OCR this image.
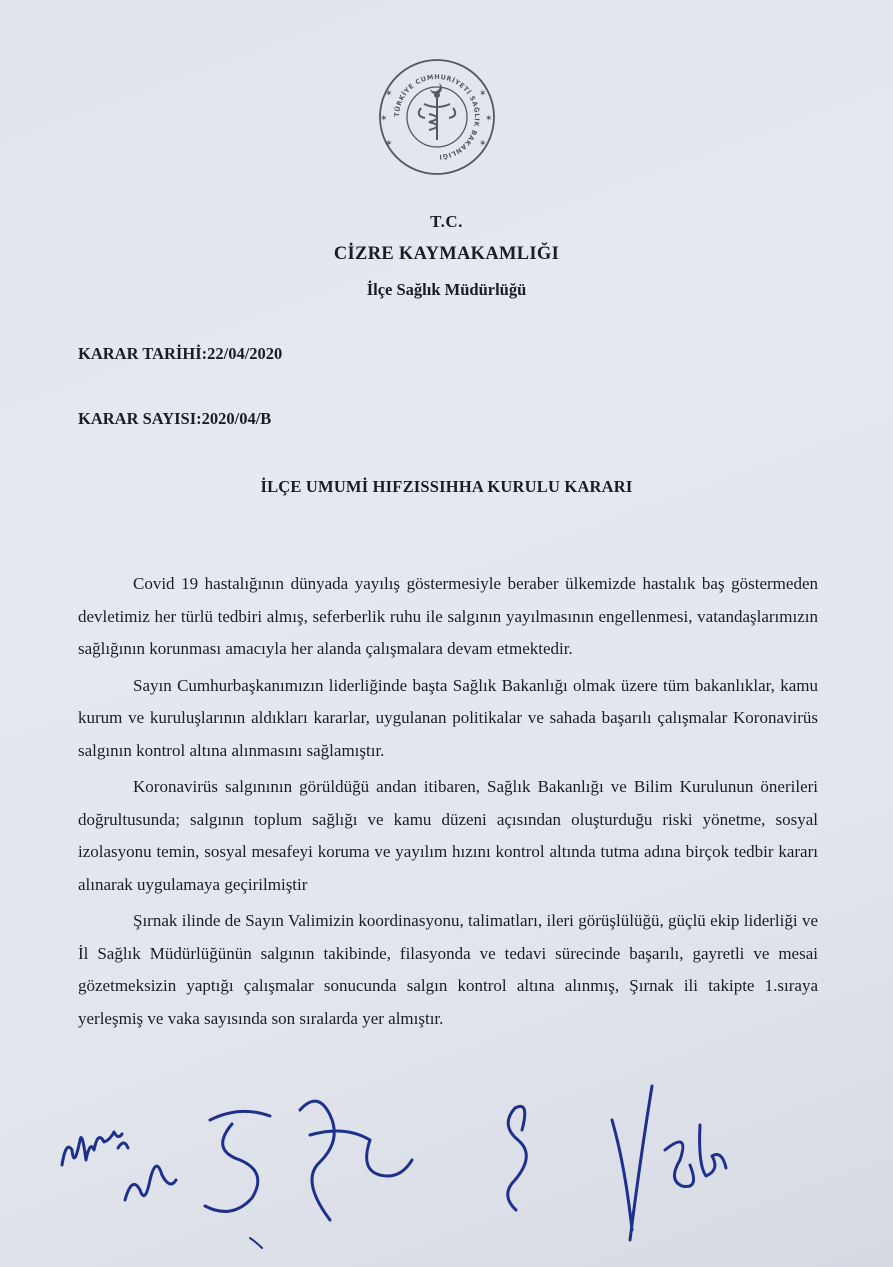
TÜRKİYE CUMHURİYETİ SAĞLIK BAKANLIĞI
✶	✶
✶	✶
✶	✶
T.C.
CİZRE KAYMAKAMLIĞI
İlçe Sağlık Müdürlüğü
KARAR TARİHİ:22/04/2020
KARAR SAYISI:2020/04/B
İLÇE UMUMİ HIFZISSIHHA KURULU KARARI

Covid 19 hastalığının dünyada yayılış göstermesiyle beraber ülkemizde hastalık baş göstermeden devletimiz her türlü tedbiri almış, seferberlik ruhu ile salgının yayılmasının engellenmesi, vatandaşlarımızın sağlığının korunması amacıyla her alanda çalışmalara devam etmektedir.

Sayın Cumhurbaşkanımızın liderliğinde başta Sağlık Bakanlığı olmak üzere tüm bakanlıklar, kamu kurum ve kuruluşlarının aldıkları kararlar, uygulanan politikalar ve sahada başarılı çalışmalar Koronavirüs salgının kontrol altına alınmasını sağlamıştır.

Koronavirüs salgınının görüldüğü andan itibaren, Sağlık Bakanlığı ve Bilim Kurulunun önerileri doğrultusunda; salgının toplum sağlığı ve kamu düzeni açısından oluşturduğu riski yönetme, sosyal izolasyonu temin, sosyal mesafeyi koruma ve yayılım hızını kontrol altında tutma adına birçok tedbir kararı alınarak uygulamaya geçirilmiştir

Şırnak ilinde de Sayın Valimizin koordinasyonu, talimatları, ileri görüşlülüğü, güçlü ekip liderliği ve İl Sağlık Müdürlüğünün salgının takibinde, filasyonda ve tedavi sürecinde başarılı, gayretli ve mesai gözetmeksizin yaptığı çalışmalar sonucunda salgın kontrol altına alınmış, Şırnak ili takipte 1.sıraya yerleşmiş ve vaka sayısında son sıralarda yer almıştır.
